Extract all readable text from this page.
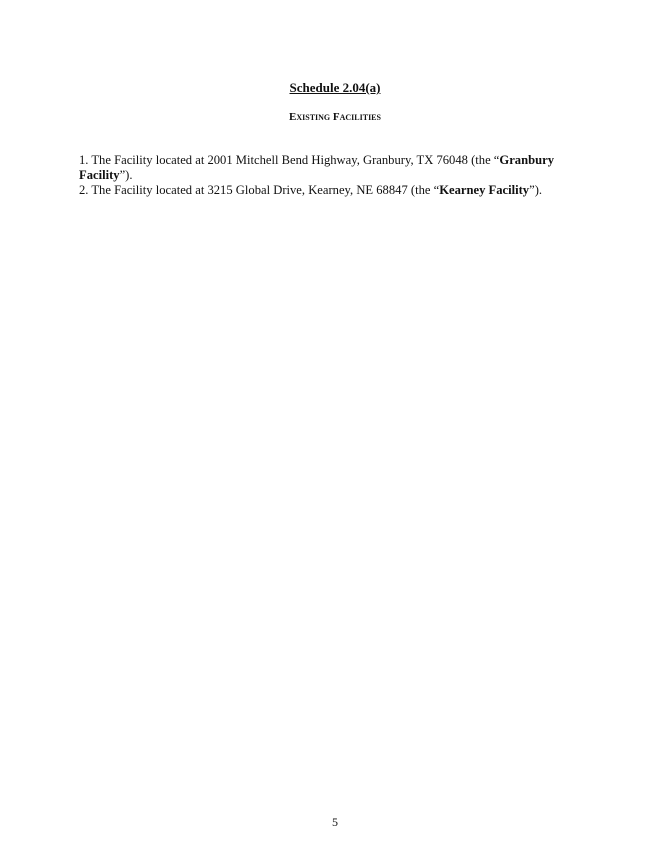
Schedule 2.04(a)
Existing Facilities

1. The Facility located at 2001 Mitchell Bend Highway, Granbury, TX 76048 (the “Granbury Facility”).

2. The Facility located at 3215 Global Drive, Kearney, NE 68847 (the “Kearney Facility”).

5
